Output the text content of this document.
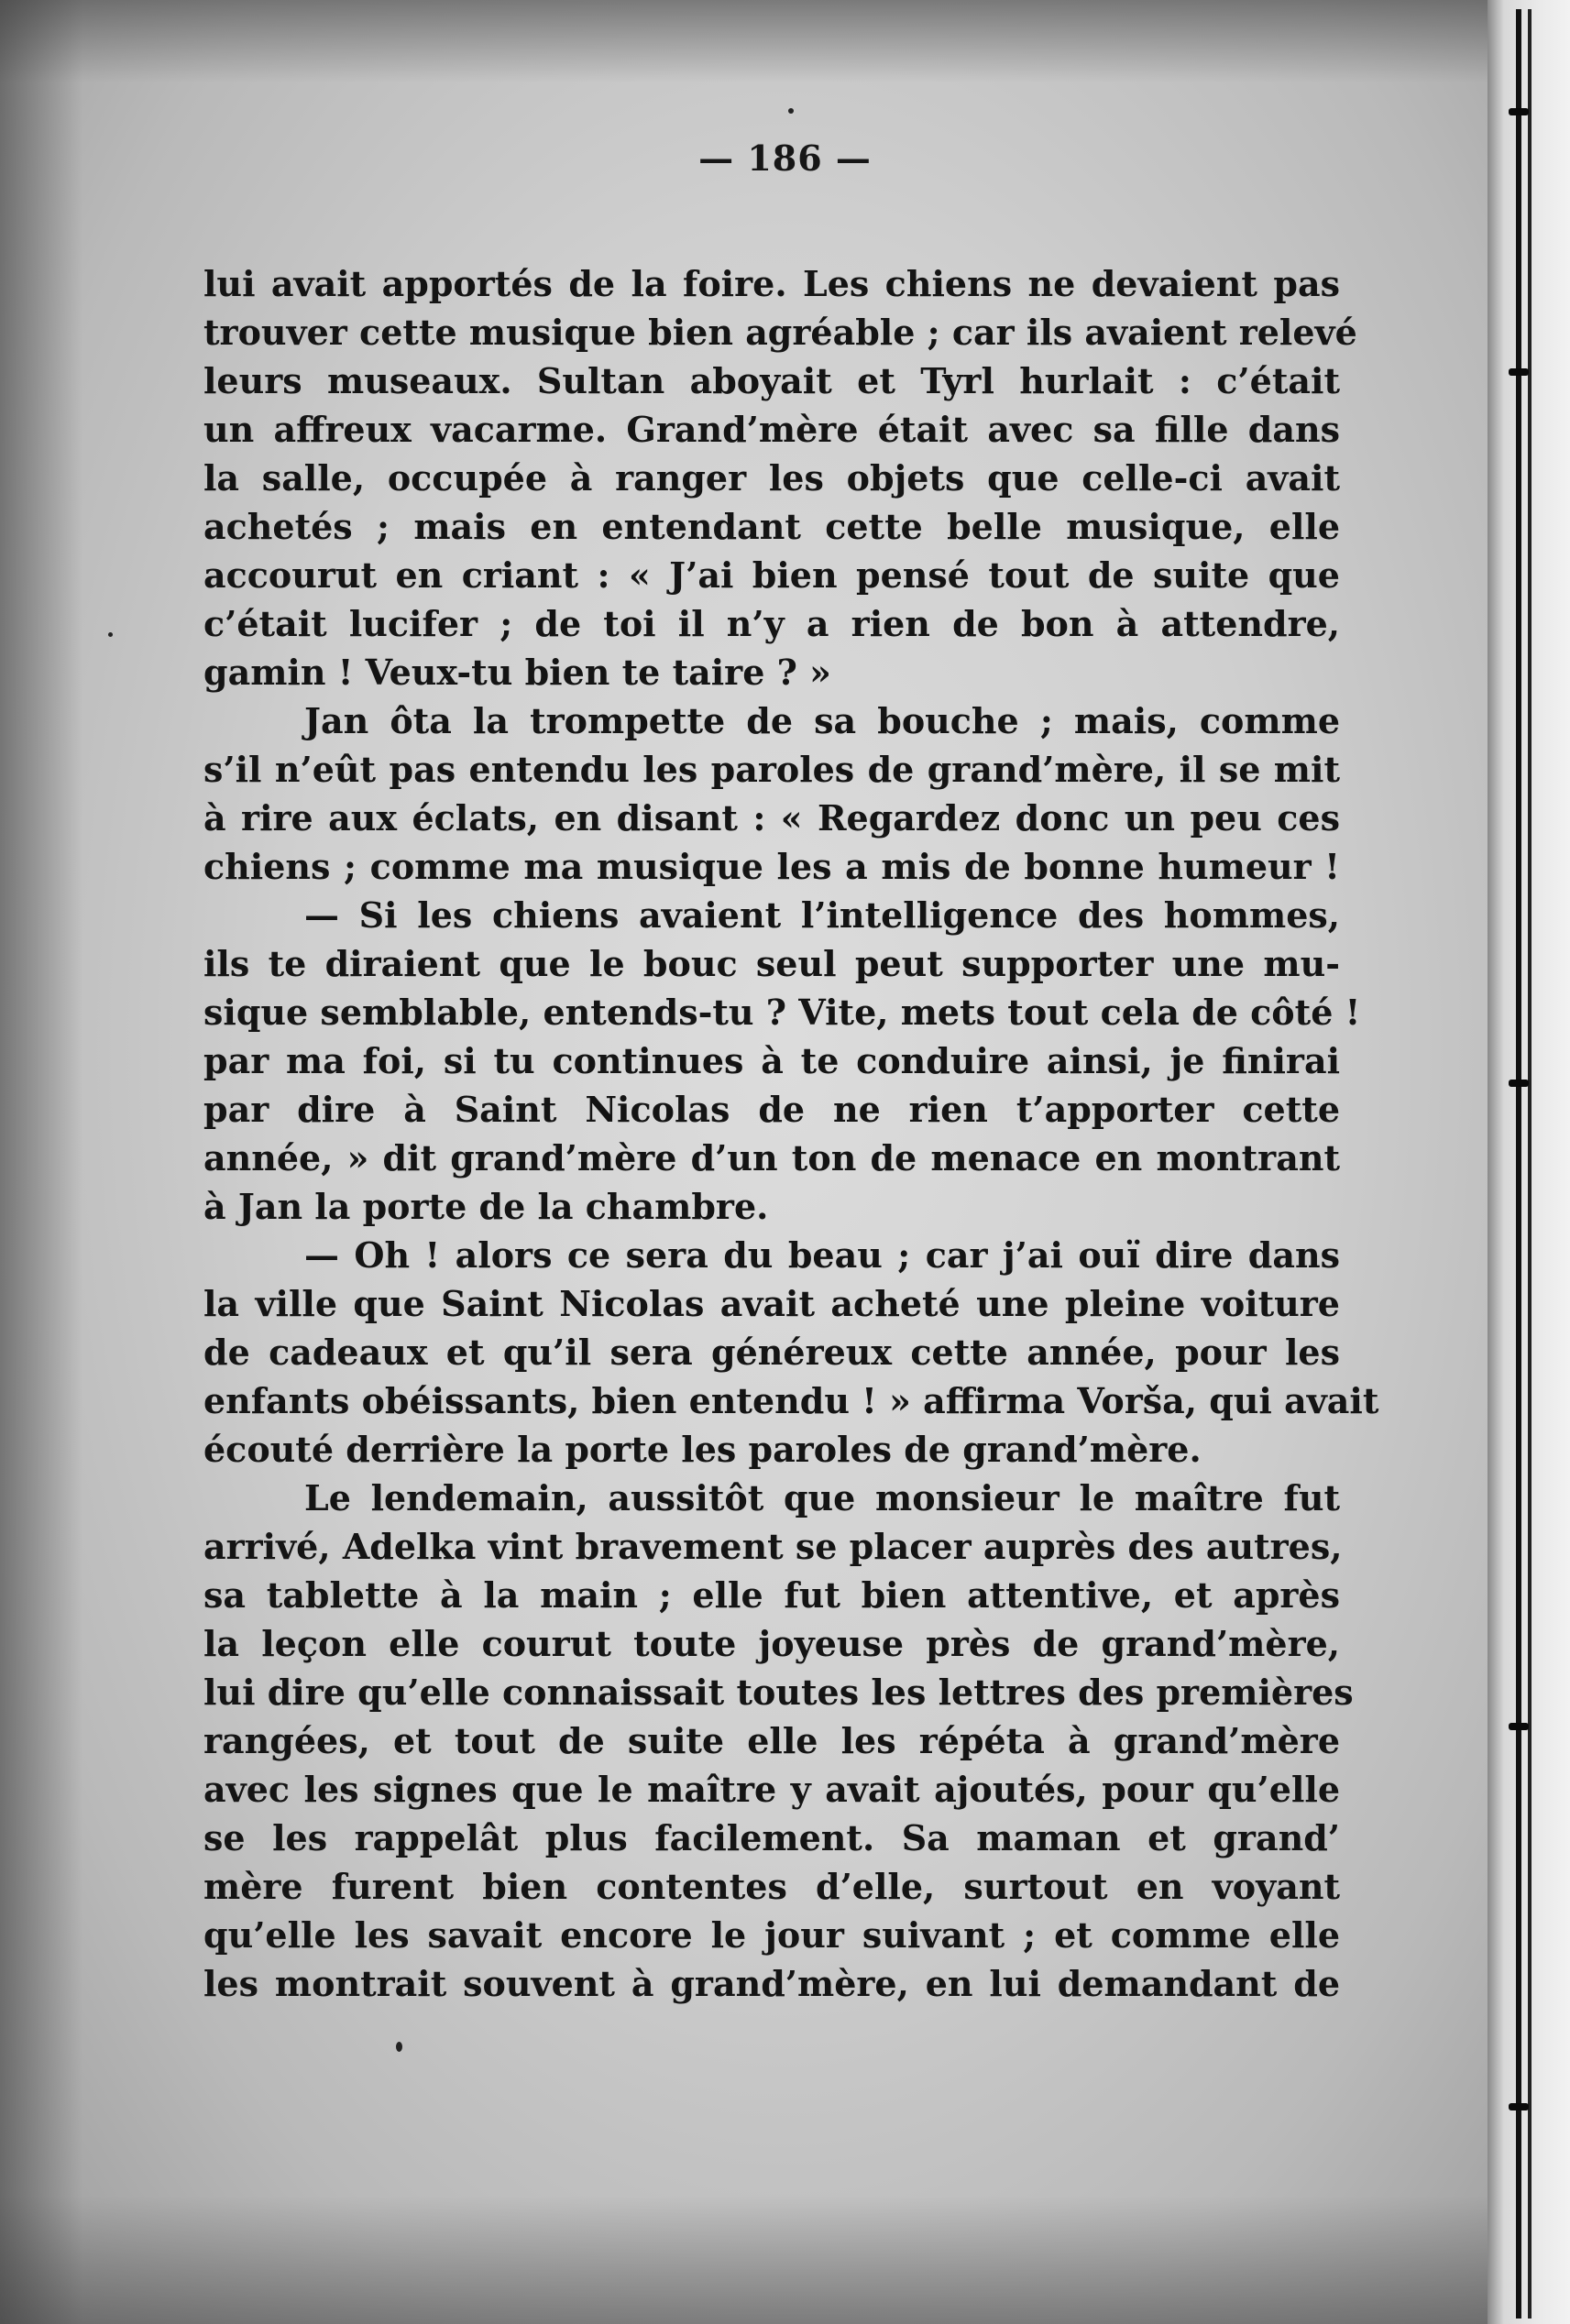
— 186 —
lui avait apportés de la foire. Les chiens ne devaient pas
trouver cette musique bien agréable ; car ils avaient relevé
leurs museaux. Sultan aboyait et Tyrl hurlait : c’était
un affreux vacarme. Grand’mère était avec sa fille dans
la salle, occupée à ranger les objets que celle-ci avait
achetés ; mais en entendant cette belle musique, elle
accourut en criant : « J’ai bien pensé tout de suite que
c’était lucifer ; de toi il n’y a rien de bon à attendre,
gamin ! Veux-tu bien te taire ? »
Jan ôta la trompette de sa bouche ; mais, comme
s’il n’eût pas entendu les paroles de grand’mère, il se mit
à rire aux éclats, en disant : « Regardez donc un peu ces
chiens ; comme ma musique les a mis de bonne humeur !
— Si les chiens avaient l’intelligence des hommes,
ils te diraient que le bouc seul peut supporter une mu-
sique semblable, entends-tu ? Vite, mets tout cela de côté !
par ma foi, si tu continues à te conduire ainsi, je finirai
par dire à Saint Nicolas de ne rien t’apporter cette
année, » dit grand’mère d’un ton de menace en montrant
à Jan la porte de la chambre.
— Oh ! alors ce sera du beau ; car j’ai ouï dire dans
la ville que Saint Nicolas avait acheté une pleine voiture
de cadeaux et qu’il sera généreux cette année, pour les
enfants obéissants, bien entendu ! » affirma Vorša, qui avait
écouté derrière la porte les paroles de grand’mère.
Le lendemain, aussitôt que monsieur le maître fut
arrivé, Adelka vint bravement se placer auprès des autres,
sa tablette à la main ; elle fut bien attentive, et après
la leçon elle courut toute joyeuse près de grand’mère,
lui dire qu’elle connaissait toutes les lettres des premières
rangées, et tout de suite elle les répéta à grand’mère
avec les signes que le maître y avait ajoutés, pour qu’elle
se les rappelât plus facilement. Sa maman et grand’
mère furent bien contentes d’elle, surtout en voyant
qu’elle les savait encore le jour suivant ; et comme elle
les montrait souvent à grand’mère, en lui demandant de
